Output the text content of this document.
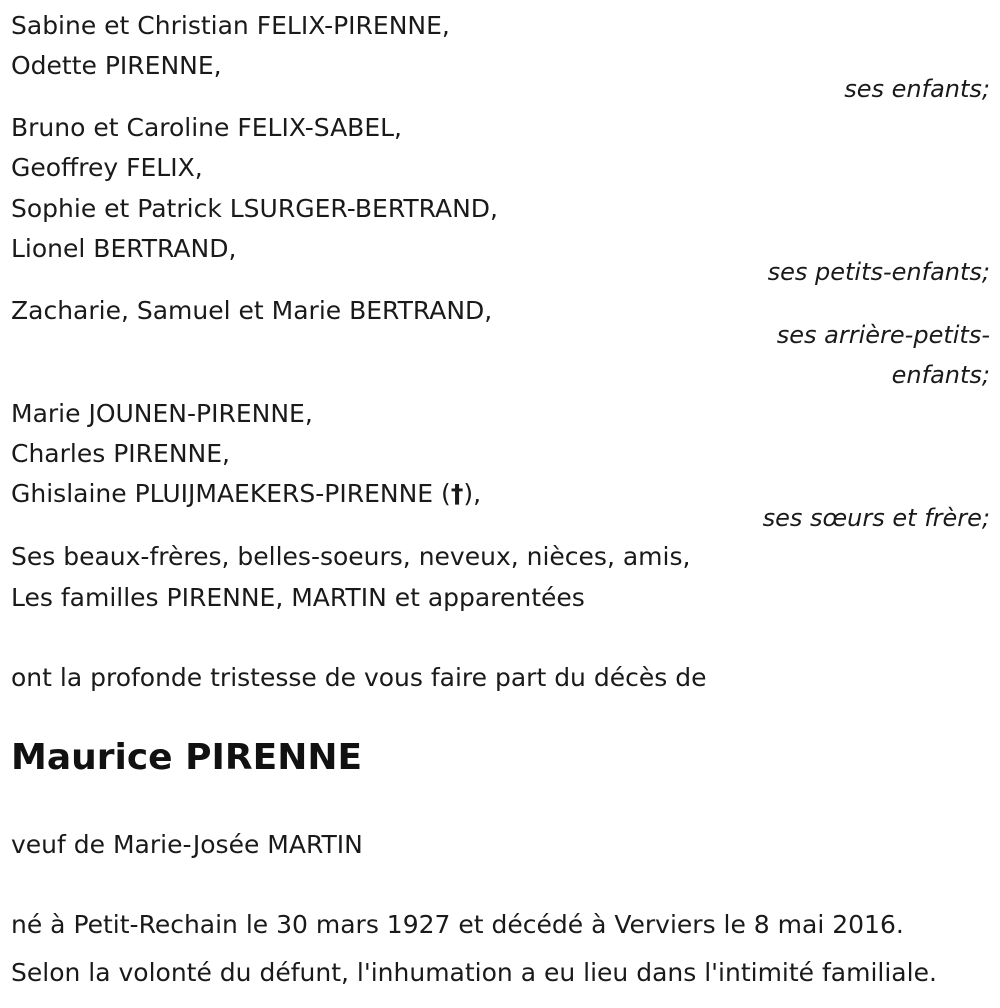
Sabine et Christian FELIX-PIRENNE,
Odette PIRENNE,
ses enfants;
Bruno et Caroline FELIX-SABEL,
Geoffrey FELIX,
Sophie et Patrick LSURGER-BERTRAND,
Lionel BERTRAND,
ses petits-enfants;
Zacharie, Samuel et Marie BERTRAND,
ses arrière-petits-
enfants;
Marie JOUNEN-PIRENNE,
Charles PIRENNE,
Ghislaine PLUIJMAEKERS-PIRENNE (†),
ses sœurs et frère;
Ses beaux-frères, belles-soeurs, neveux, nièces, amis,
Les familles PIRENNE, MARTIN et apparentées
ont la profonde tristesse de vous faire part du décès de
Maurice PIRENNE
veuf de Marie-Josée MARTIN
né à Petit-Rechain le 30 mars 1927 et décédé à Verviers le 8 mai 2016.
Selon la volonté du défunt, l'inhumation a eu lieu dans l'intimité familiale.
